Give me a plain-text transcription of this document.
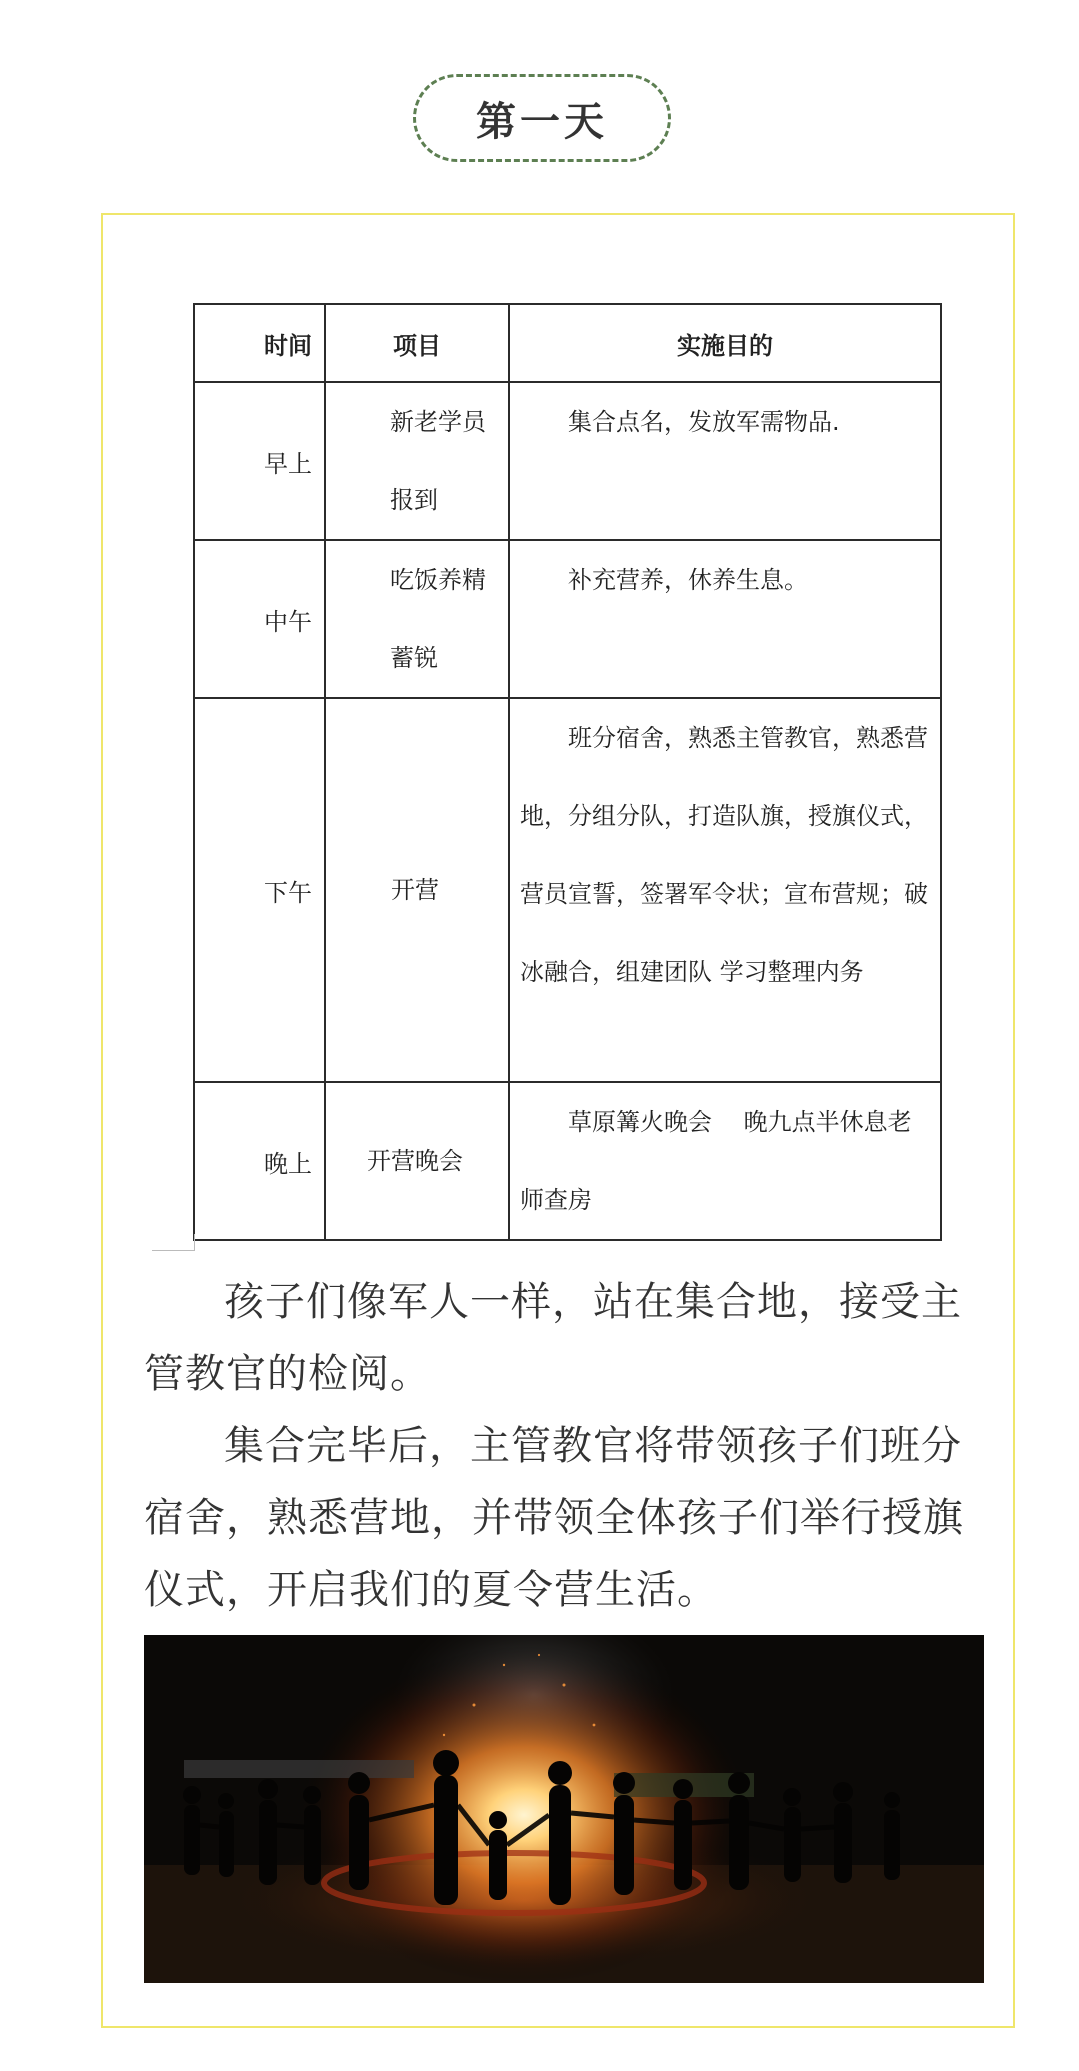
第一天
时间	项目	实施目的
早上	新老学员报到	集合点名，发放军需物品.
中午	吃饭养精蓄锐	补充营养，休养生息。
下午	开营	班分宿舍，熟悉主管教官，熟悉营地，分组分队，打造队旗，授旗仪式，营员宣誓，签署军令状；宣布营规；破冰融合，组建团队 学习整理内务
晚上	开营晚会	草原篝火晚会　 晚九点半休息老师查房

孩子们像军人一样，站在集合地，接受主管教官的检阅。

集合完毕后，主管教官将带领孩子们班分宿舍，熟悉营地，并带领全体孩子们举行授旗仪式，开启我们的夏令营生活。
